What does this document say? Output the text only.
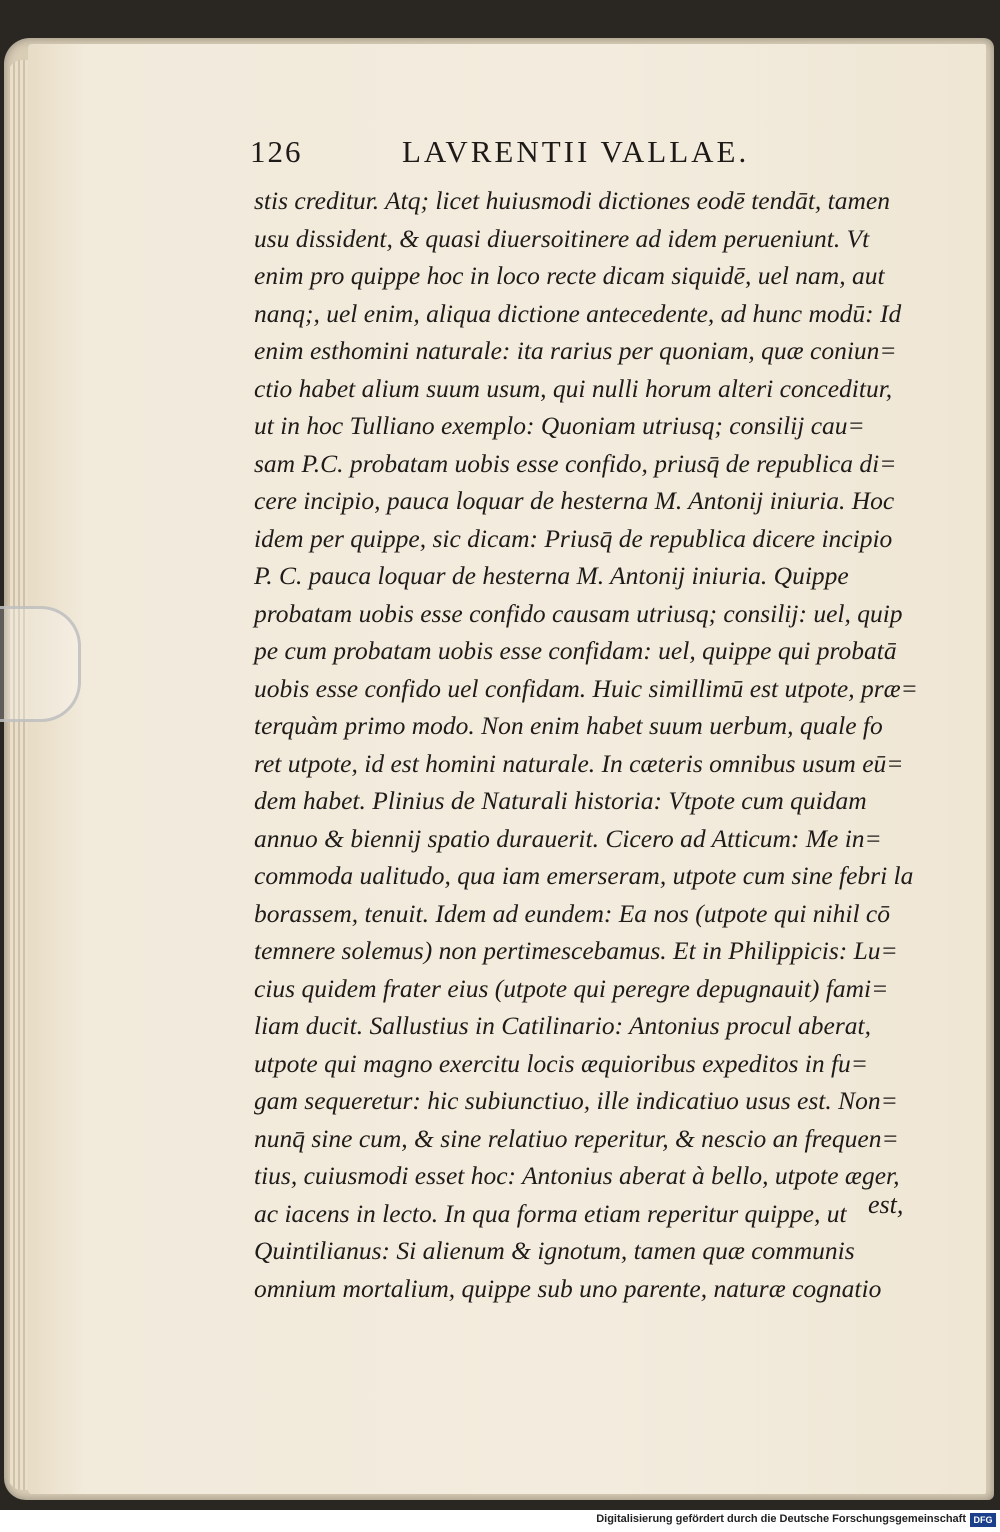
126	LAVRENTII VALLAE.
stis creditur. Atq; licet huiusmodi dictiones eodē tendāt, tamen
usu dissident, & quasi diuersoitinere ad idem perueniunt. Vt
enim pro quippe hoc in loco recte dicam siquidē, uel nam, aut
nanq;, uel enim, aliqua dictione antecedente, ad hunc modū: Id
enim esthomini naturale: ita rarius per quoniam, quæ coniun=
ctio habet alium suum usum, qui nulli horum alteri conceditur,
ut in hoc Tulliano exemplo: Quoniam utriusq; consilij cau=
sam P.C. probatam uobis esse confido, priusq̄ de republica di=
cere incipio, pauca loquar de hesterna M. Antonij iniuria. Hoc
idem per quippe, sic dicam: Priusq̄ de republica dicere incipio
P. C. pauca loquar de hesterna M. Antonij iniuria. Quippe
probatam uobis esse confido causam utriusq; consilij: uel, quip
pe cum probatam uobis esse confidam: uel, quippe qui probatā
uobis esse confido uel confidam. Huic simillimū est utpote, præ=
terquàm primo modo. Non enim habet suum uerbum, quale fo
ret utpote, id est homini naturale. In cæteris omnibus usum eū=
dem habet. Plinius de Naturali historia: Vtpote cum quidam
annuo & biennij spatio durauerit. Cicero ad Atticum: Me in=
commoda ualitudo, qua iam emerseram, utpote cum sine febri la
borassem, tenuit. Idem ad eundem: Ea nos (utpote qui nihil cō
temnere solemus) non pertimescebamus. Et in Philippicis: Lu=
cius quidem frater eius (utpote qui peregre depugnauit) fami=
liam ducit. Sallustius in Catilinario: Antonius procul aberat,
utpote qui magno exercitu locis æquioribus expeditos in fu=
gam sequeretur: hic subiunctiuo, ille indicatiuo usus est. Non=
nunq̄ sine cum, & sine relatiuo reperitur, & nescio an frequen=
tius, cuiusmodi esset hoc: Antonius aberat à bello, utpote æger,
ac iacens in lecto. In qua forma etiam reperitur quippe, ut
Quintilianus: Si alienum & ignotum, tamen quæ communis
omnium mortalium, quippe sub uno parente, naturæ cognatio
est,
Digitalisierung gefördert durch die Deutsche Forschungsgemeinschaft DFG
